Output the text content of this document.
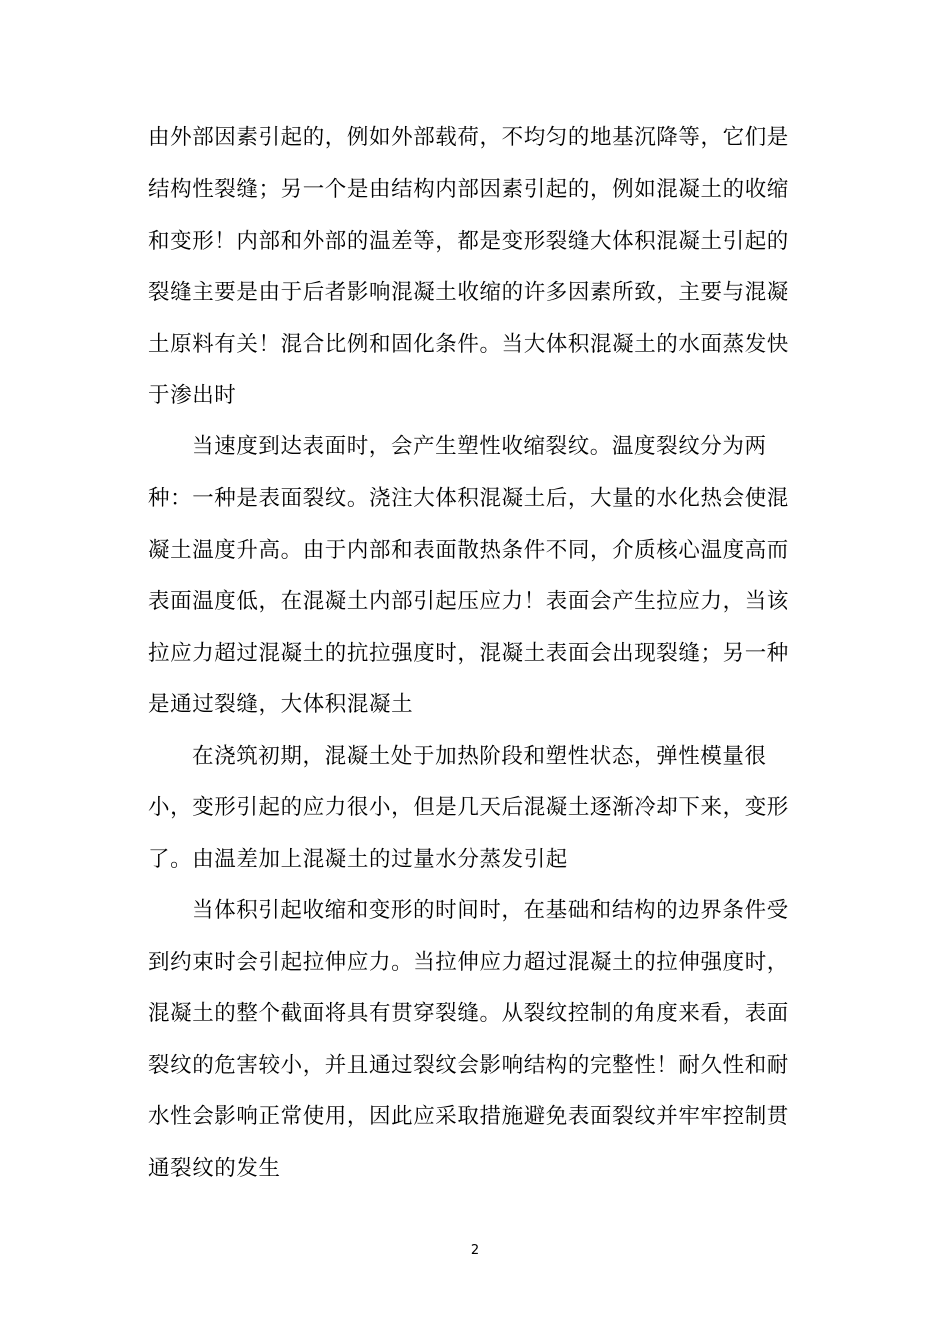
由外部因素引起的，例如外部载荷，不均匀的地基沉降等，它们是
结构性裂缝；另一个是由结构内部因素引起的，例如混凝土的收缩
和变形！内部和外部的温差等，都是变形裂缝大体积混凝土引起的
裂缝主要是由于后者影响混凝土收缩的许多因素所致，主要与混凝
土原料有关！混合比例和固化条件。当大体积混凝土的水面蒸发快
于渗出时
当速度到达表面时，会产生塑性收缩裂纹。温度裂纹分为两
种：一种是表面裂纹。浇注大体积混凝土后，大量的水化热会使混
凝土温度升高。由于内部和表面散热条件不同，介质核心温度高而
表面温度低，在混凝土内部引起压应力！表面会产生拉应力，当该
拉应力超过混凝土的抗拉强度时，混凝土表面会出现裂缝；另一种
是通过裂缝，大体积混凝土
在浇筑初期，混凝土处于加热阶段和塑性状态，弹性模量很
小，变形引起的应力很小，但是几天后混凝土逐渐冷却下来，变形
了。由温差加上混凝土的过量水分蒸发引起
当体积引起收缩和变形的时间时，在基础和结构的边界条件受
到约束时会引起拉伸应力。当拉伸应力超过混凝土的拉伸强度时，
混凝土的整个截面将具有贯穿裂缝。从裂纹控制的角度来看，表面
裂纹的危害较小，并且通过裂纹会影响结构的完整性！耐久性和耐
水性会影响正常使用，因此应采取措施避免表面裂纹并牢牢控制贯
通裂纹的发生
2
